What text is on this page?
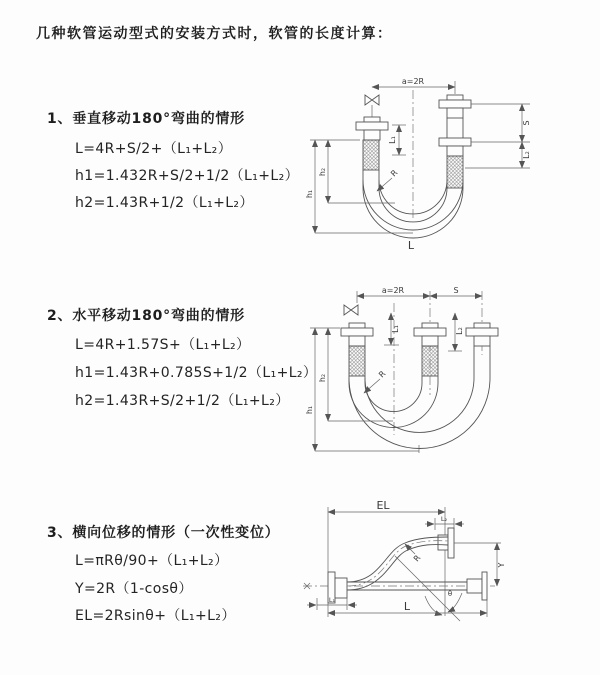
几种软管运动型式的安装方式时，软管的长度计算：
1、垂直移动180°弯曲的情形
L=4R+S/2+（L₁+L₂）
h1=1.432R+S/2+1/2（L₁+L₂）
h2=1.43R+1/2（L₁+L₂）
2、水平移动180°弯曲的情形
L=4R+1.57S+（L₁+L₂）
h1=1.43R+0.785S+1/2（L₁+L₂）
h2=1.43R+S/2+1/2（L₁+L₂）
3、横向位移的情形（一次性变位）
L=πRθ/90+（L₁+L₂）
Y=2R（1-cosθ）
EL=2Rsinθ+（L₁+L₂）
a=2R
L₁
S
L₂
h₂
h₁
R
L
a=2R	S
L₁	L₂
h₂
h₁
R
EL
L₂
R
θ
Y
L₁	L
